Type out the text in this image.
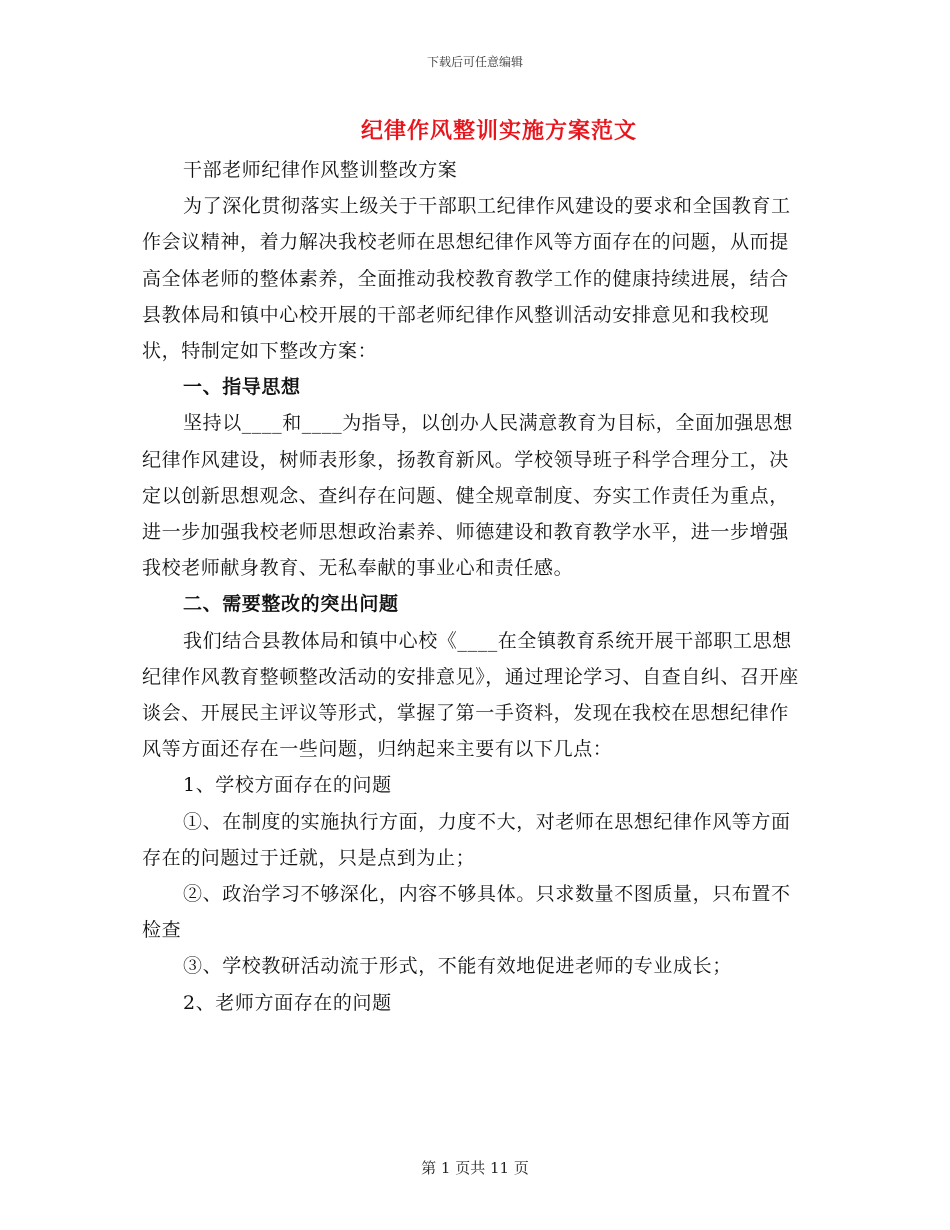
下载后可任意编辑
纪律作风整训实施方案范文

干部老师纪律作风整训整改方案

为了深化贯彻落实上级关于干部职工纪律作风建设的要求和全国教育工作会议精神，着力解决我校老师在思想纪律作风等方面存在的问题，从而提高全体老师的整体素养，全面推动我校教育教学工作的健康持续进展，结合县教体局和镇中心校开展的干部老师纪律作风整训活动安排意见和我校现状，特制定如下整改方案：

一、指导思想

坚持以____和____为指导，以创办人民满意教育为目标，全面加强思想纪律作风建设，树师表形象，扬教育新风。学校领导班子科学合理分工，决定以创新思想观念、查纠存在问题、健全规章制度、夯实工作责任为重点，进一步加强我校老师思想政治素养、师德建设和教育教学水平，进一步增强我校老师献身教育、无私奉献的事业心和责任感。

二、需要整改的突出问题

我们结合县教体局和镇中心校《____在全镇教育系统开展干部职工思想纪律作风教育整顿整改活动的安排意见》，通过理论学习、自查自纠、召开座谈会、开展民主评议等形式，掌握了第一手资料，发现在我校在思想纪律作风等方面还存在一些问题，归纳起来主要有以下几点：

1、学校方面存在的问题

①、在制度的实施执行方面，力度不大，对老师在思想纪律作风等方面存在的问题过于迁就，只是点到为止；

②、政治学习不够深化，内容不够具体。只求数量不图质量，只布置不检查

③、学校教研活动流于形式，不能有效地促进老师的专业成长；

2、老师方面存在的问题

第 1 页共 11 页
